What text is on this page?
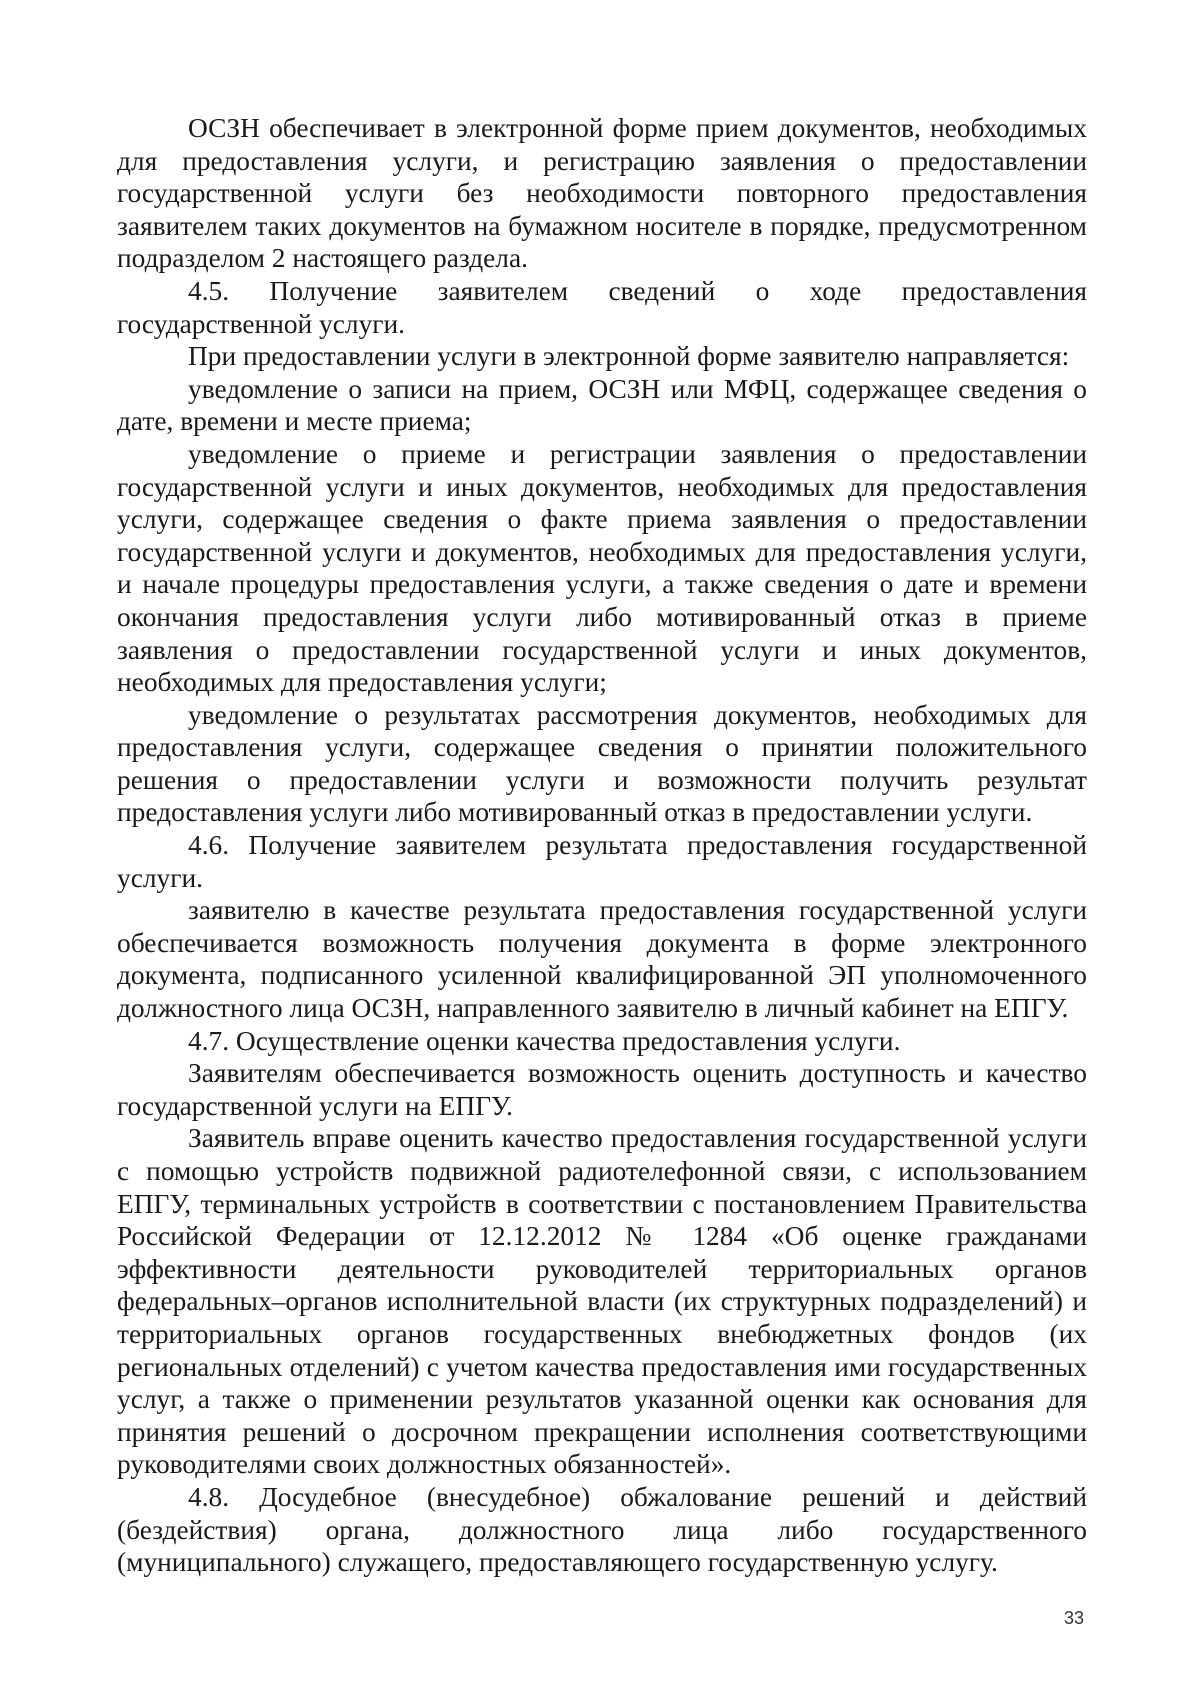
ОСЗН обеспечивает в электронной форме прием документов, необходимых для предоставления услуги, и регистрацию заявления о предоставлении государственной услуги без необходимости повторного предоставления заявителем таких документов на бумажном носителе в порядке, предусмотренном подразделом 2 настоящего раздела.

4.5. Получение заявителем сведений о ходе предоставления государственной услуги.

При предоставлении услуги в электронной форме заявителю направляется:

уведомление о записи на прием, ОСЗН или МФЦ, содержащее сведения о дате, времени и месте приема;

уведомление о приеме и регистрации заявления о предоставлении государственной услуги и иных документов, необходимых для предоставления услуги, содержащее сведения о факте приема заявления о предоставлении государственной услуги и документов, необходимых для предоставления услуги, и начале процедуры предоставления услуги, а также сведения о дате и времени окончания предоставления услуги либо мотивированный отказ в приеме заявления о предоставлении государственной услуги и иных документов, необходимых для предоставления услуги;

уведомление о результатах рассмотрения документов, необходимых для предоставления услуги, содержащее сведения о принятии положительного решения о предоставлении услуги и возможности получить результат предоставления услуги либо мотивированный отказ в предоставлении услуги.

4.6. Получение заявителем результата предоставления государственной услуги.

заявителю в качестве результата предоставления государственной услуги обеспечивается возможность получения документа в форме электронного документа, подписанного усиленной квалифицированной ЭП уполномоченного должностного лица ОСЗН, направленного заявителю в личный кабинет на ЕПГУ.

4.7. Осуществление оценки качества предоставления услуги.

Заявителям обеспечивается возможность оценить доступность и качество государственной услуги на ЕПГУ.

Заявитель вправе оценить качество предоставления государственной услуги с помощью устройств подвижной радиотелефонной связи, с использованием ЕПГУ, терминальных устройств в соответствии с постановлением Правительства Российской Федерации от 12.12.2012 № 1284 «Об оценке гражданами эффективности деятельности руководителей территориальных органов федеральных–органов исполнительной власти (их структурных подразделений) и территориальных органов государственных внебюджетных фондов (их региональных отделений) с учетом качества предоставления ими государственных услуг, а также о применении результатов указанной оценки как основания для принятия решений о досрочном прекращении исполнения соответствующими руководителями своих должностных обязанностей».

4.8. Досудебное (внесудебное) обжалование решений и действий (бездействия) органа, должностного лица либо государственного (муниципального) служащего, предоставляющего государственную услугу.

33
